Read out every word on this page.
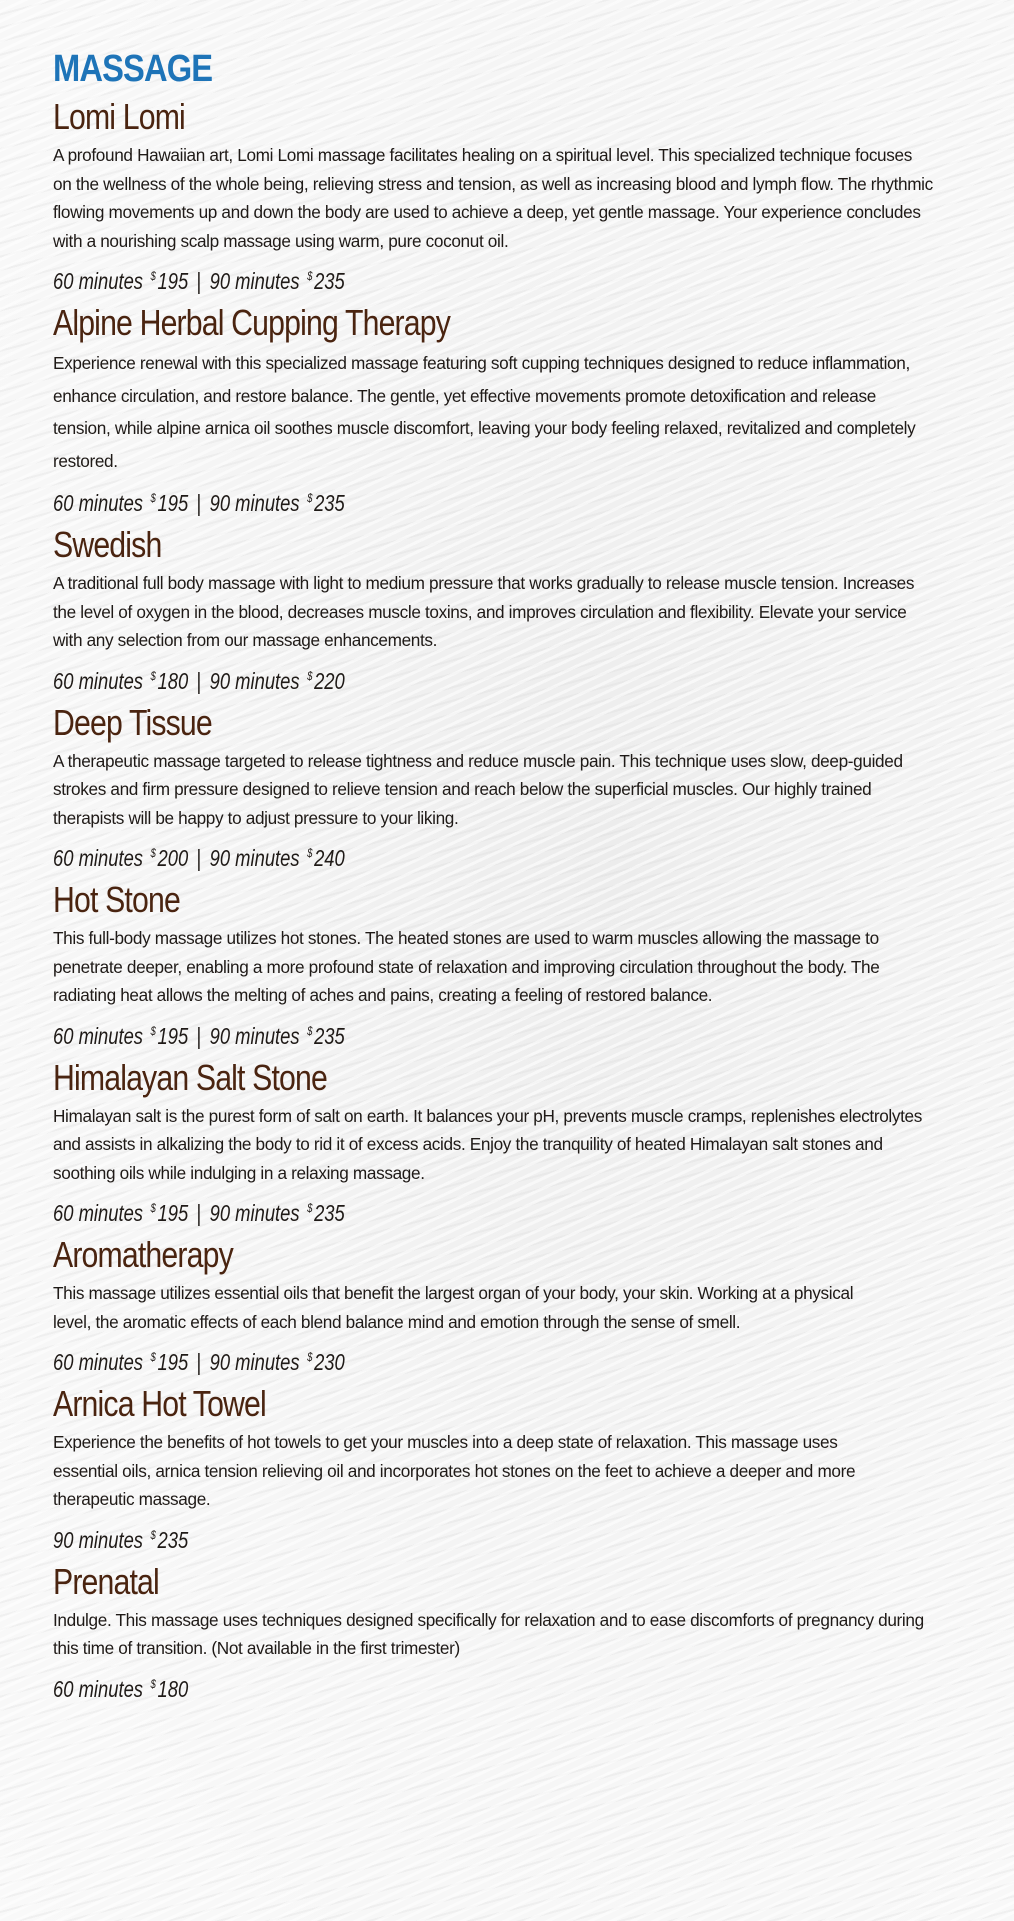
MASSAGE
Lomi Lomi

A profound Hawaiian art, Lomi Lomi massage facilitates healing on a spiritual level. This specialized technique focuses on the wellness of the whole being, relieving stress and tension, as well as increasing blood and lymph flow. The rhythmic flowing movements up and down the body are used to achieve a deep, yet gentle massage. Your experience concludes with a nourishing scalp massage using warm, pure coconut oil.

60 minutes $195 | 90 minutes $235
Alpine Herbal Cupping Therapy

Experience renewal with this specialized massage featuring soft cupping techniques designed to reduce inflammation, enhance circulation, and restore balance. The gentle, yet effective movements promote detoxification and release tension, while alpine arnica oil soothes muscle discomfort, leaving your body feeling relaxed, revitalized and completely restored.

60 minutes $195 | 90 minutes $235
Swedish

A traditional full body massage with light to medium pressure that works gradually to release muscle tension. Increases the level of oxygen in the blood, decreases muscle toxins, and improves circulation and flexibility. Elevate your service with any selection from our massage enhancements.

60 minutes $180 | 90 minutes $220
Deep Tissue

A therapeutic massage targeted to release tightness and reduce muscle pain. This technique uses slow, deep-guided strokes and firm pressure designed to relieve tension and reach below the superficial muscles. Our highly trained therapists will be happy to adjust pressure to your liking.

60 minutes $200 | 90 minutes $240
Hot Stone

This full-body massage utilizes hot stones. The heated stones are used to warm muscles allowing the massage to penetrate deeper, enabling a more profound state of relaxation and improving circulation throughout the body. The radiating heat allows the melting of aches and pains, creating a feeling of restored balance.

60 minutes $195 | 90 minutes $235
Himalayan Salt Stone

Himalayan salt is the purest form of salt on earth. It balances your pH, prevents muscle cramps, replenishes electrolytes and assists in alkalizing the body to rid it of excess acids. Enjoy the tranquility of heated Himalayan salt stones and soothing oils while indulging in a relaxing massage.

60 minutes $195 | 90 minutes $235
Aromatherapy

This massage utilizes essential oils that benefit the largest organ of your body, your skin. Working at a physical level, the aromatic effects of each blend balance mind and emotion through the sense of smell.

60 minutes $195 | 90 minutes $230
Arnica Hot Towel

Experience the benefits of hot towels to get your muscles into a deep state of relaxation. This massage uses essential oils, arnica tension relieving oil and incorporates hot stones on the feet to achieve a deeper and more therapeutic massage.

90 minutes $235
Prenatal

Indulge. This massage uses techniques designed specifically for relaxation and to ease discomforts of pregnancy during this time of transition. (Not available in the first trimester)

60 minutes $180
